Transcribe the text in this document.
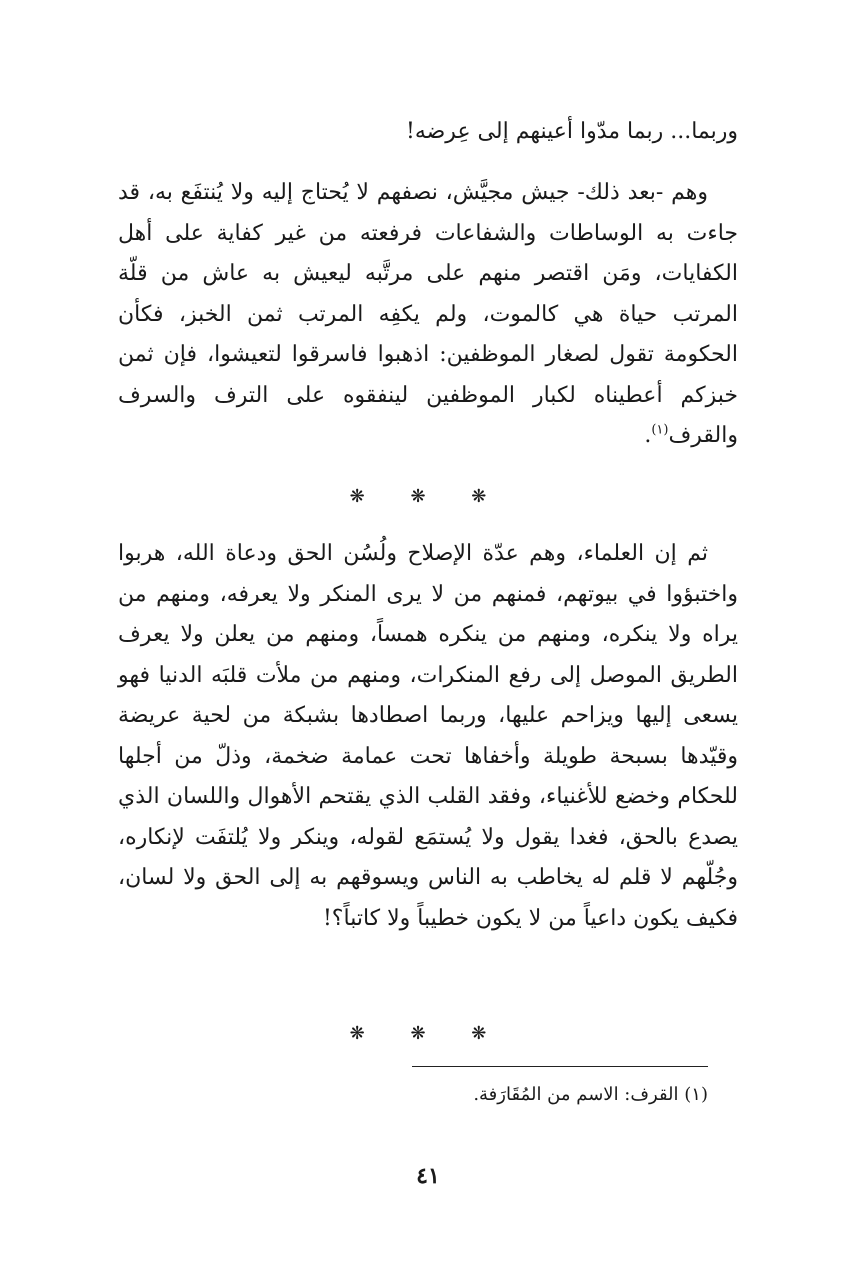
وربما... ربما مدّوا أعينهم إلى عِرضه!
وهم -بعد ذلك- جيش مجيَّش، نصفهم لا يُحتاج إليه ولا يُنتفَع به، قد جاءت به الوساطات والشفاعات فرفعته من غير كفاية على أهل الكفايات، ومَن اقتصر منهم على مرتَّبه ليعيش به عاش من قلّة المرتب حياة هي كالموت، ولم يكفِه المرتب ثمن الخبز، فكأن الحكومة تقول لصغار الموظفين: اذهبوا فاسرقوا لتعيشوا، فإن ثمن خبزكم أعطيناه لكبار الموظفين لينفقوه على الترف والسرف والقرف$^{(١)}$.
❋ ❋ ❋
ثم إن العلماء، وهم عدّة الإصلاح ولُسُن الحق ودعاة الله، هربوا واختبؤوا في بيوتهم، فمنهم من لا يرى المنكر ولا يعرفه، ومنهم من يراه ولا ينكره، ومنهم من ينكره همساً، ومنهم من يعلن ولا يعرف الطريق الموصل إلى رفع المنكرات، ومنهم من ملأت قلبَه الدنيا فهو يسعى إليها ويزاحم عليها، وربما اصطادها بشبكة من لحية عريضة وقيّدها بسبحة طويلة وأخفاها تحت عمامة ضخمة، وذلّ من أجلها للحكام وخضع للأغنياء، وفقد القلب الذي يقتحم الأهوال واللسان الذي يصدع بالحق، فغدا يقول ولا يُستمَع لقوله، وينكر ولا يُلتفَت لإنكاره، وجُلّهم لا قلم له يخاطب به الناس ويسوقهم به إلى الحق ولا لسان، فكيف يكون داعياً من لا يكون خطيباً ولا كاتباً؟!
❋ ❋ ❋
(١) القرف: الاسم من المُقَارَفة.
٤١
